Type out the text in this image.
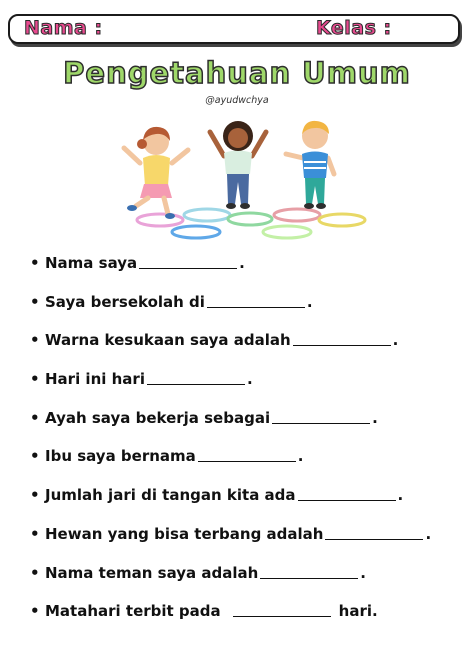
Nama :	Kelas :
Pengetahuan Umum
@ayudwchya
• Nama saya	.
• Saya bersekolah di	.
• Warna kesukaan saya adalah	.
• Hari ini hari	.
• Ayah saya bekerja sebagai	.
• Ibu saya bernama	.
• Jumlah jari di tangan kita ada	.
• Hewan yang bisa terbang adalah	.
• Nama teman saya adalah	.
• Matahari terbit pada	hari.
